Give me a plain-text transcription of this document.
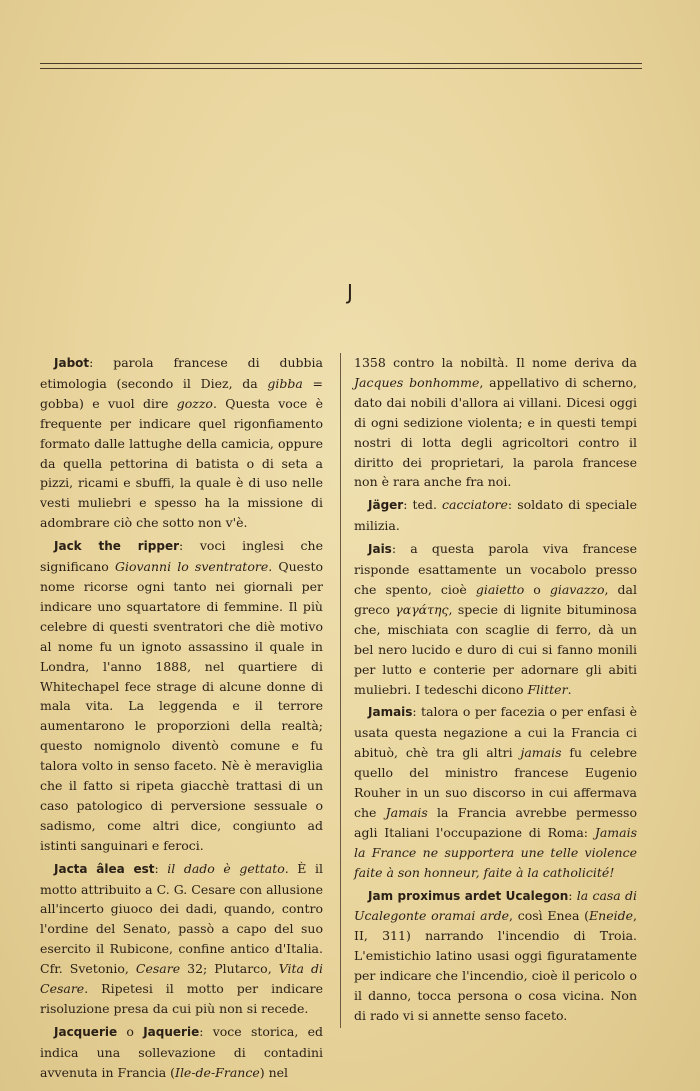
J

Jabot: parola francese di dubbia etimologia (secondo il Diez, da gibba = gobba) e vuol dire gozzo. Questa voce è frequente per indicare quel rigonfiamento formato dalle lattughe della camicia, oppure da quella pettorina di batista o di seta a pizzi, ricami e sbuffi, la quale è di uso nelle vesti muliebri e spesso ha la missione di adombrare ciò che sotto non v'è.

Jack the ripper: voci inglesi che significano Giovanni lo sventratore. Questo nome ricorse ogni tanto nei giornali per indicare uno squartatore di femmine. Il più celebre di questi sventratori che diè motivo al nome fu un ignoto assassino il quale in Londra, l'anno 1888, nel quartiere di Whitechapel fece strage di alcune donne di mala vita. La leggenda e il terrore aumentarono le proporzioni della realtà; questo nomignolo diventò comune e fu talora volto in senso faceto. Nè è meraviglia che il fatto si ripeta giacchè trattasi di un caso patologico di perversione sessuale o sadismo, come altri dice, congiunto ad istinti sanguinari e feroci.

Jacta âlea est: il dado è gettato. È il motto attribuito a C. G. Cesare con allusione all'incerto giuoco dei dadi, quando, contro l'ordine del Senato, passò a capo del suo esercito il Rubicone, confine antico d'Italia. Cfr. Svetonio, Cesare 32; Plutarco, Vita di Cesare. Ripetesi il motto per indicare risoluzione presa da cui più non si recede.

Jacquerie o Jaquerie: voce storica, ed indica una sollevazione di contadini avvenuta in Francia (Ile-de-France) nel

1358 contro la nobiltà. Il nome deriva da Jacques bonhomme, appellativo di scherno, dato dai nobili d'allora ai villani. Dicesi oggi di ogni sedizione violenta; e in questi tempi nostri di lotta degli agricoltori contro il diritto dei proprietari, la parola francese non è rara anche fra noi.

Jäger: ted. cacciatore: soldato di speciale milizia.

Jais: a questa parola viva francese risponde esattamente un vocabolo presso che spento, cioè giaietto o giavazzo, dal greco γαγάτης, specie di lignite bituminosa che, mischiata con scaglie di ferro, dà un bel nero lucido e duro di cui si fanno monili per lutto e conterie per adornare gli abiti muliebri. I tedeschi dicono Flitter.

Jamais: talora o per facezia o per enfasi è usata questa negazione a cui la Francia ci abituò, chè tra gli altri jamais fu celebre quello del ministro francese Eugenio Rouher in un suo discorso in cui affermava che Jamais la Francia avrebbe permesso agli Italiani l'occupazione di Roma: Jamais la France ne supportera une telle violence faite à son honneur, faite à la catholicité!

Jam proximus ardet Ucalegon: la casa di Ucalegonte oramai arde, così Enea (Eneide, II, 311) narrando l'incendio di Troia. L'emistichio latino usasi oggi figuratamente per indicare che l'incendio, cioè il pericolo o il danno, tocca persona o cosa vicina. Non di rado vi si annette senso faceto.
